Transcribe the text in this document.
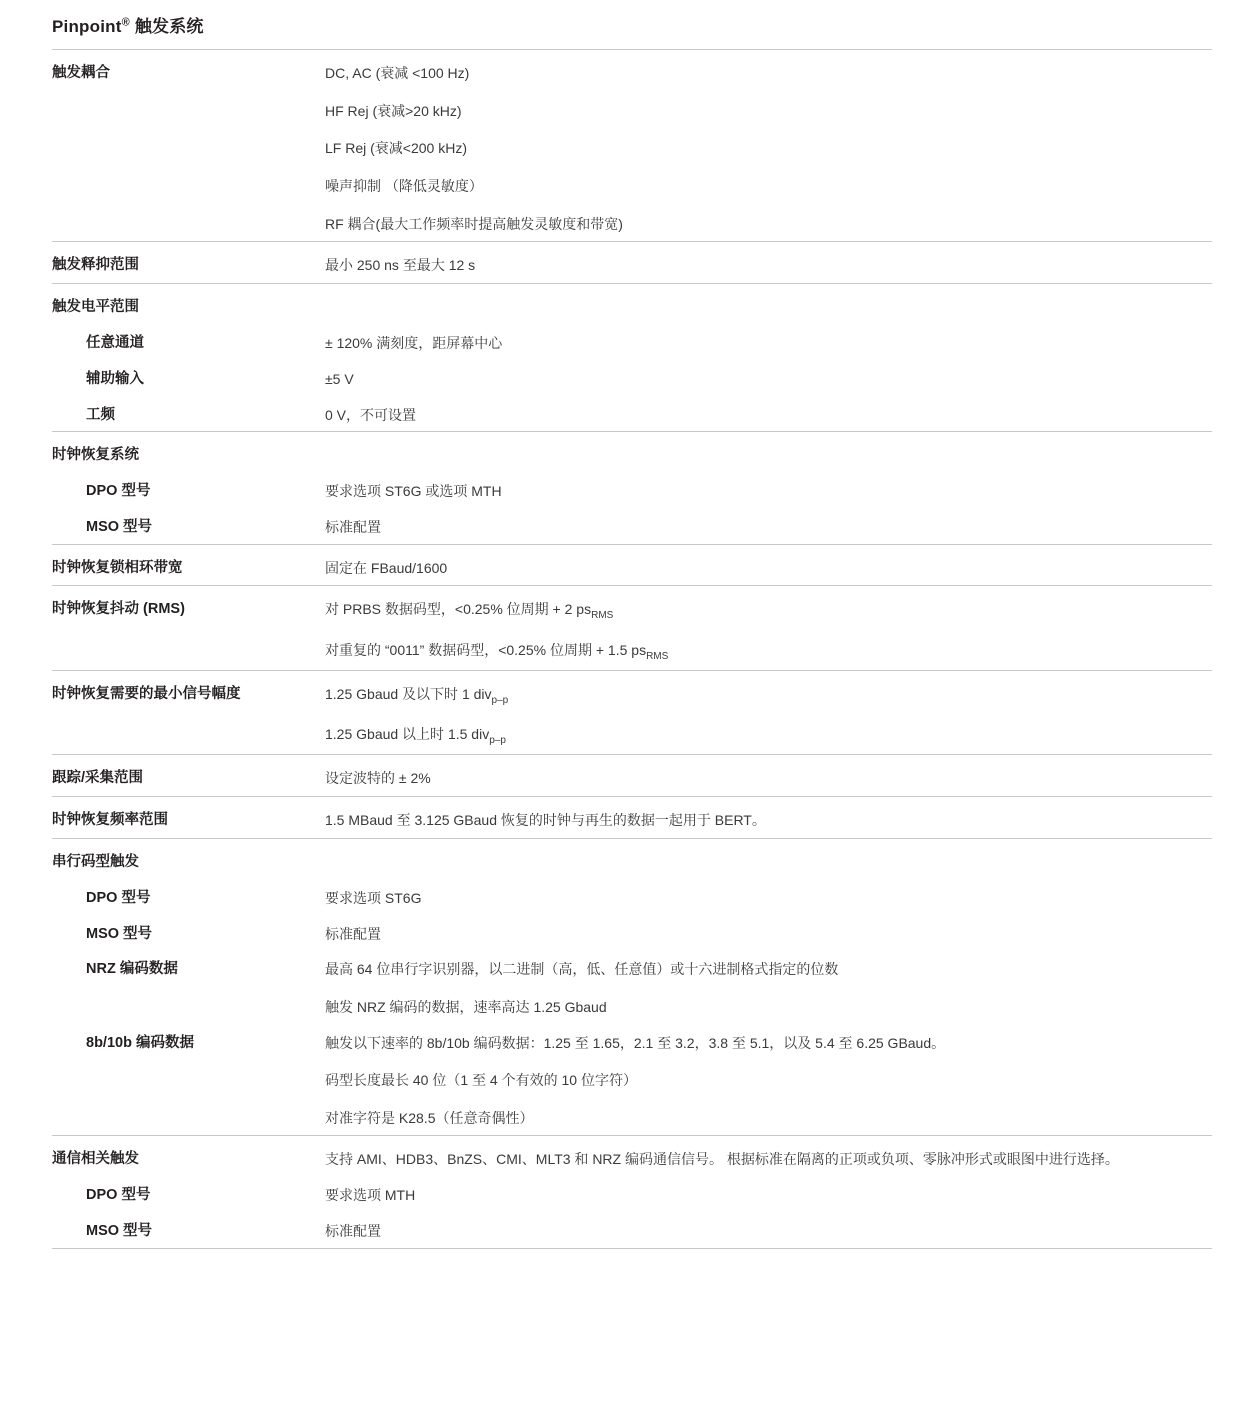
Pinpoint® 触发系统
触发耦合	DC, AC (衰减 <100 Hz)

HF Rej (衰减>20 kHz)

LF Rej (衰减<200 kHz)

噪声抑制 （降低灵敏度）

RF 耦合(最大工作频率时提高触发灵敏度和带宽)

触发释抑范围	最小 250 ns 至最大 12 s

触发电平范围	
任意通道	± 120% 满刻度，距屏幕中心

辅助输入	±5 V

工频	0 V，不可设置

时钟恢复系统	
DPO 型号	要求选项 ST6G 或选项 MTH

MSO 型号	标准配置

时钟恢复锁相环带宽	固定在 FBaud/1600

时钟恢复抖动 (RMS)	对 PRBS 数据码型，<0.25% 位周期 + 2 $ps_{RMS}$

对重复的 “0011” 数据码型，<0.25% 位周期 + 1.5 $ps_{RMS}$

时钟恢复需要的最小信号幅度	1.25 Gbaud 及以下时 1 div$_{p-p}$

1.25 Gbaud 以上时 1.5 div$_{p-p}$

跟踪/采集范围	设定波特的 ± 2%

时钟恢复频率范围	1.5 MBaud 至 3.125 GBaud 恢复的时钟与再生的数据一起用于 BERT。

串行码型触发	
DPO 型号	要求选项 ST6G

MSO 型号	标准配置

NRZ 编码数据	最高 64 位串行字识别器，以二进制（高，低、任意值）或十六进制格式指定的位数

触发 NRZ 编码的数据，速率高达 1.25 Gbaud

8b/10b 编码数据	触发以下速率的 8b/10b 编码数据：1.25 至 1.65，2.1 至 3.2，3.8 至 5.1，以及 5.4 至 6.25 GBaud。

码型长度最长 40 位（1 至 4 个有效的 10 位字符）

对准字符是 K28.5（任意奇偶性）

通信相关触发	支持 AMI、HDB3、BnZS、CMI、MLT3 和 NRZ 编码通信信号。 根据标准在隔离的正项或负项、零脉冲形式或眼图中进行选择。

DPO 型号	要求选项 MTH

MSO 型号	标准配置
